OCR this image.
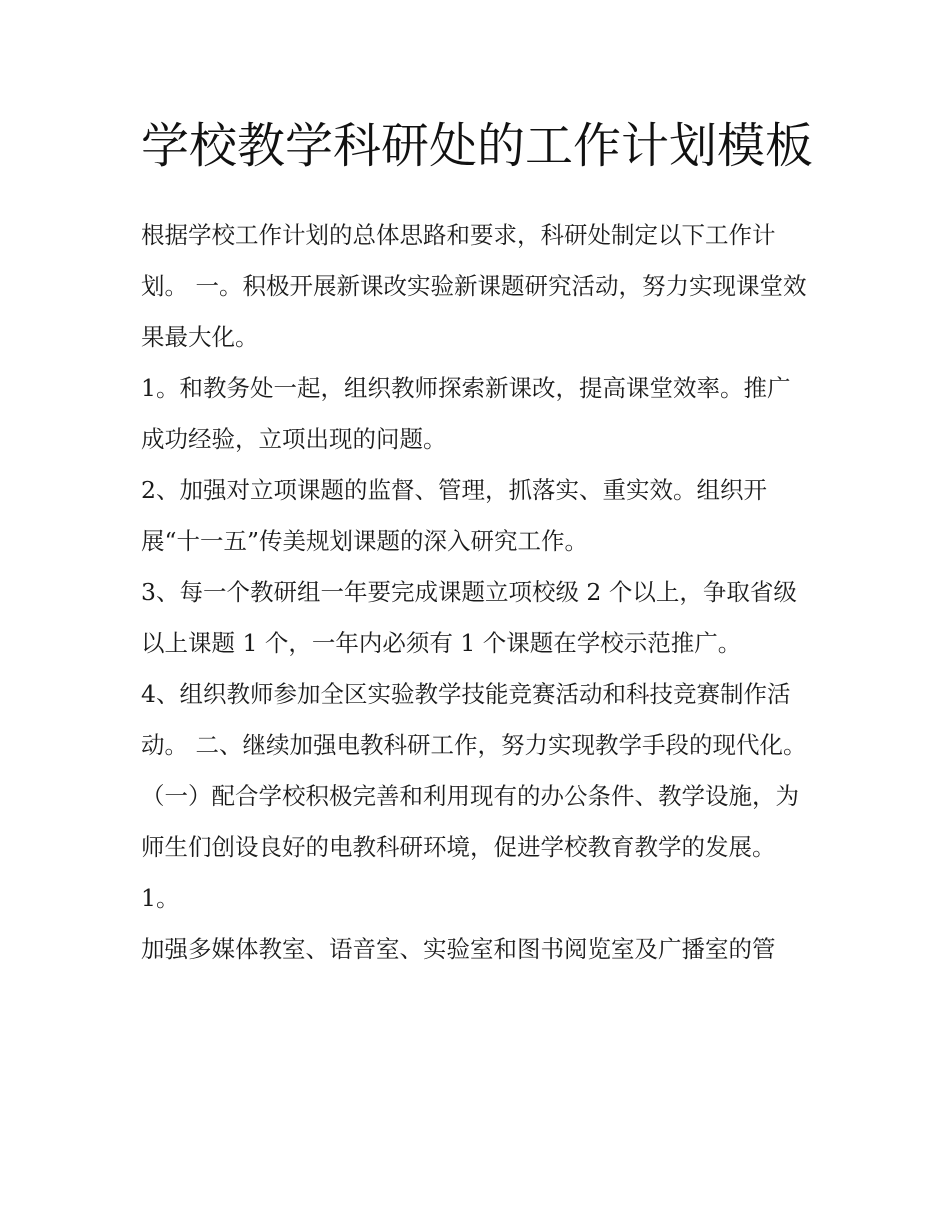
学校教学科研处的工作计划模板

根据学校工作计划的总体思路和要求，科研处制定以下工作计划。 一。积极开展新课改实验新课题研究活动，努力实现课堂效果最大化。

1。和教务处一起，组织教师探索新课改，提高课堂效率。推广成功经验，立项出现的问题。

2、加强对立项课题的监督、管理，抓落实、重实效。组织开展“十一五”传美规划课题的深入研究工作。

3、每一个教研组一年要完成课题立项校级 2 个以上，争取省级以上课题 1 个，一年内必须有 1 个课题在学校示范推广。

4、组织教师参加全区实验教学技能竞赛活动和科技竞赛制作活动。 二、继续加强电教科研工作，努力实现教学手段的现代化。

（一）配合学校积极完善和利用现有的办公条件、教学设施，为师生们创设良好的电教科研环境，促进学校教育教学的发展。 1。

加强多媒体教室、语音室、实验室和图书阅览室及广播室的管
